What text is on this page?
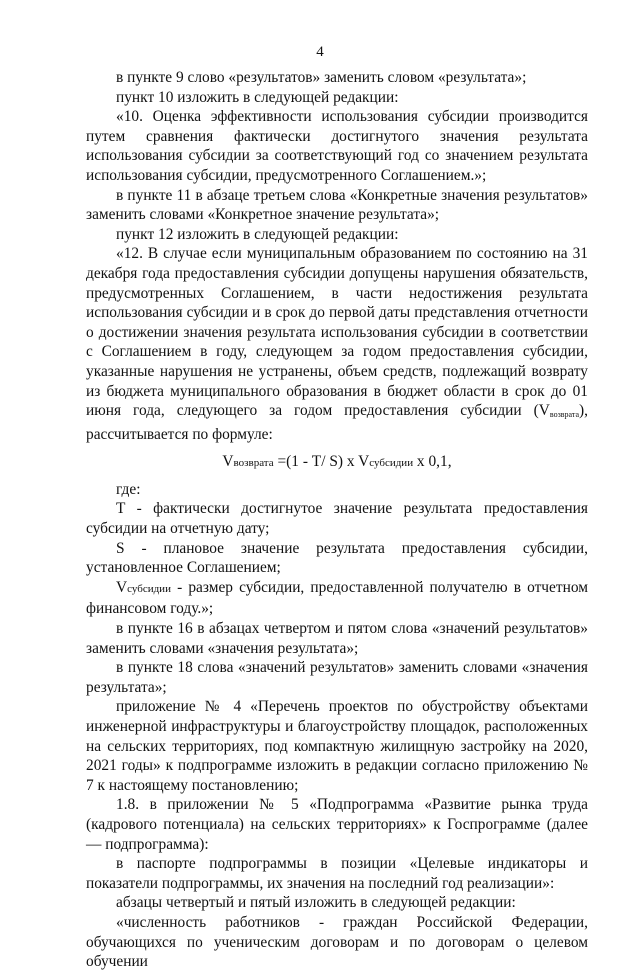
4

в пункте 9 слово «результатов» заменить словом «результата»;

пункт 10 изложить в следующей редакции:

«10. Оценка эффективности использования субсидии производится путем сравнения фактически достигнутого значения результата использования субсидии за соответствующий год со значением результата использования субсидии, предусмотренного Соглашением.»;

в пункте 11 в абзаце третьем слова «Конкретные значения результатов» заменить словами «Конкретное значение результата»;

пункт 12 изложить в следующей редакции:

«12. В случае если муниципальным образованием по состоянию на 31 декабря года предоставления субсидии допущены нарушения обязательств, предусмотренных Соглашением, в части недостижения результата использования субсидии и в срок до первой даты представления отчетности о достижении значения результата использования субсидии в соответствии с Соглашением в году, следующем за годом предоставления субсидии, указанные нарушения не устранены, объем средств, подлежащий возврату из бюджета муниципального образования в бюджет области в срок до 01 июня года, следующего за годом предоставления субсидии $(V_{возврата})$, рассчитывается по формуле:

Vвозврата =(1 - T/ S) x Vсубсидии x 0,1,

где:

T - фактически достигнутое значение результата предоставления субсидии на отчетную дату;

S - плановое значение результата предоставления субсидии, установленное Соглашением;

Vсубсидии - размер субсидии, предоставленной получателю в отчетном финансовом году.»;

в пункте 16 в абзацах четвертом и пятом слова «значений результатов» заменить словами «значения результата»;

в пункте 18 слова «значений результатов» заменить словами «значения результата»;

приложение № 4 «Перечень проектов по обустройству объектами инженерной инфраструктуры и благоустройству площадок, расположенных на сельских территориях, под компактную жилищную застройку на 2020, 2021 годы» к подпрограмме изложить в редакции согласно приложению № 7 к настоящему постановлению;

1.8. в приложении № 5 «Подпрограмма «Развитие рынка труда (кадрового потенциала) на сельских территориях» к Госпрограмме (далее — подпрограмма):

в паспорте подпрограммы в позиции «Целевые индикаторы и показатели подпрограммы, их значения на последний год реализации»:

абзацы четвертый и пятый изложить в следующей редакции:

«численность работников - граждан Российской Федерации, обучающихся по ученическим договорам и по договорам о целевом обучении
